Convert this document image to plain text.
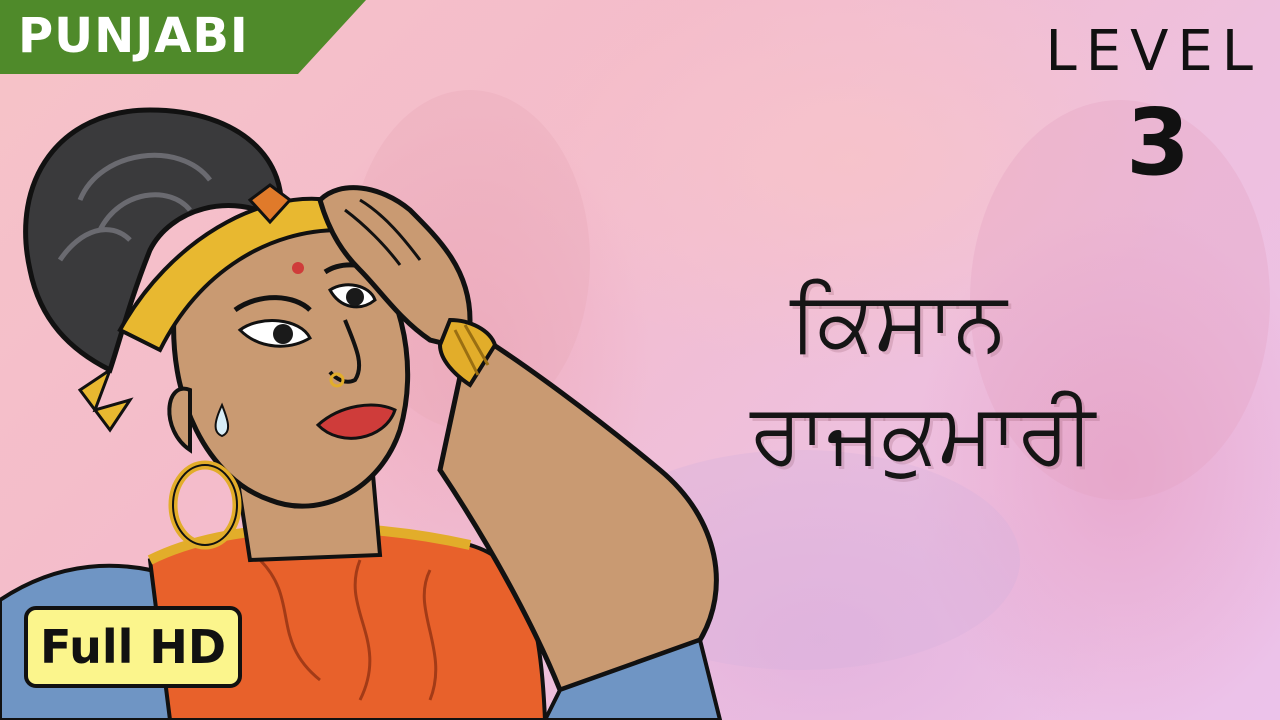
PUNJABI	LEVEL
3
ਕਿਸਾਨ
ਰਾਜਕੁਮਾਰੀ
Full HD
